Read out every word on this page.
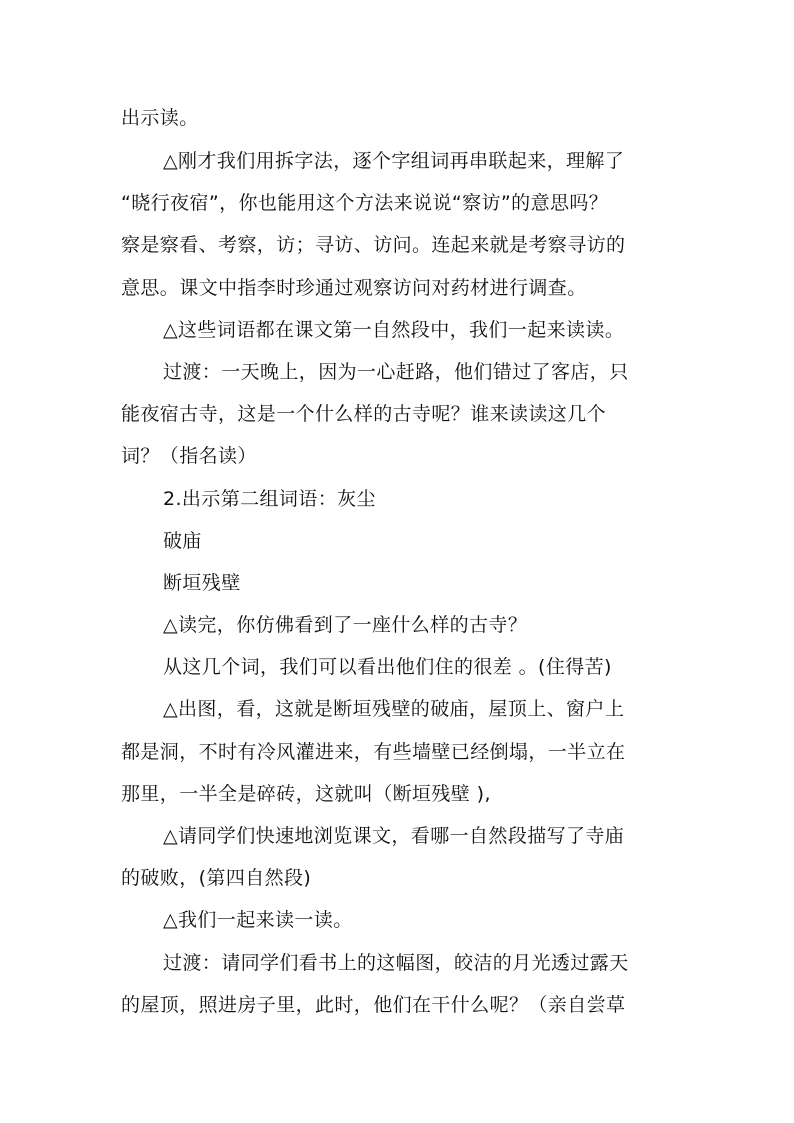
出示读。
△刚才我们用拆字法，逐个字组词再串联起来，理解了
“晓行夜宿”，你也能用这个方法来说说“察访”的意思吗？
察是察看、考察，访；寻访、访问。连起来就是考察寻访的
意思。课文中指李时珍通过观察访问对药材进行调查。
△这些词语都在课文第一自然段中，我们一起来读读。
过渡：一天晚上，因为一心赶路，他们错过了客店，只
能夜宿古寺，这是一个什么样的古寺呢？谁来读读这几个
词？（指名读）
2.出示第二组词语：灰尘
破庙
断垣残壁
△读完，你仿佛看到了一座什么样的古寺？
从这几个词，我们可以看出他们住的很差 。(住得苦)
△出图，看，这就是断垣残壁的破庙，屋顶上、窗户上
都是洞，不时有冷风灌进来，有些墙壁已经倒塌，一半立在
那里，一半全是碎砖，这就叫（断垣残壁 ),
△请同学们快速地浏览课文，看哪一自然段描写了寺庙
的破败，(第四自然段)
△我们一起来读一读。
过渡：请同学们看书上的这幅图，皎洁的月光透过露天
的屋顶，照进房子里，此时，他们在干什么呢？（亲自尝草
